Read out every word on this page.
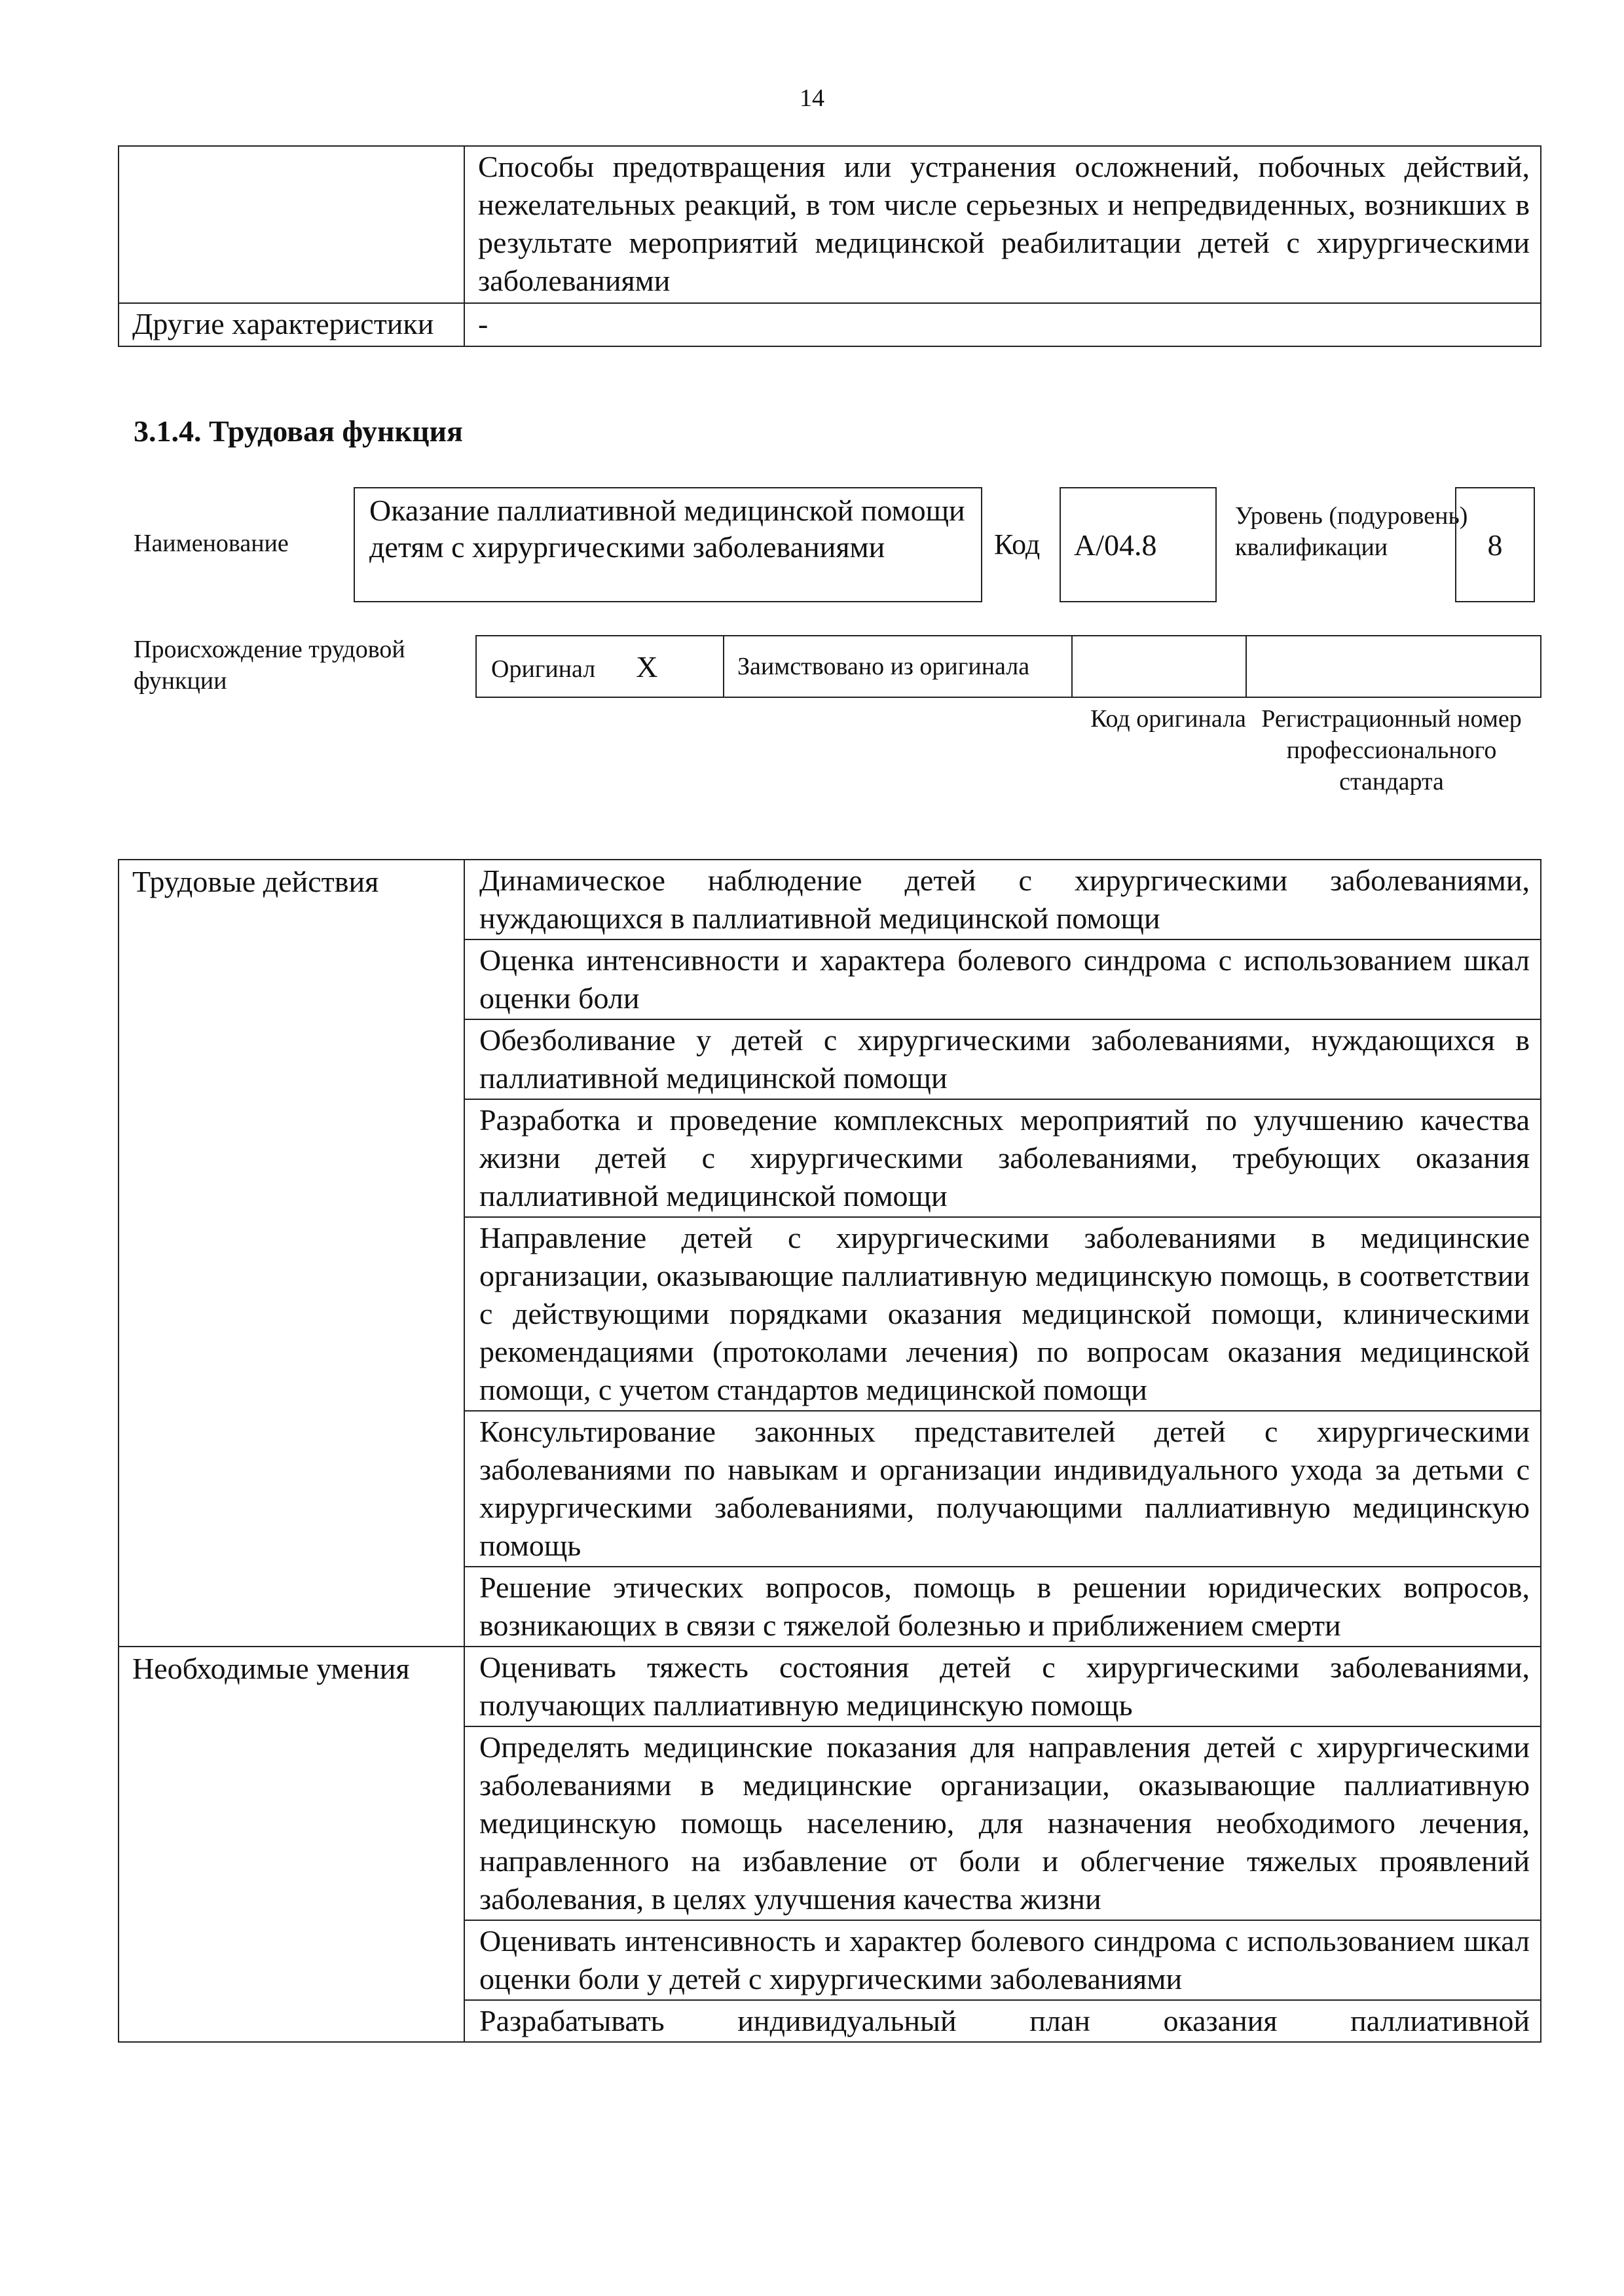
14
	Способы предотвращения или устранения осложнений, побочных действий, нежелательных реакций, в том числе серьезных и непредвиденных, возникших в результате мероприятий медицинской реабилитации детей с хирургическими заболеваниями
Другие характеристики	-
3.1.4. Трудовая функция
Наименование
Оказание паллиативной медицинской помощи детям с хирургическими заболеваниями	Код	A/04.8
Уровень (подуровень) квалификации	8
Происхождение трудовой функции	Оригинал X	Заимствовано из оригинала		
Код оригинала Регистрационный номер профессионального стандарта
Трудовые действия	Динамическое наблюдение детей с хирургическими заболеваниями, нуждающихся в паллиативной медицинской помощи
	Оценка интенсивности и характера болевого синдрома с использованием шкал оценки боли
	Обезболивание у детей с хирургическими заболеваниями, нуждающихся в паллиативной медицинской помощи
	Разработка и проведение комплексных мероприятий по улучшению качества жизни детей с хирургическими заболеваниями, требующих оказания паллиативной медицинской помощи
	Направление детей с хирургическими заболеваниями в медицинские организации, оказывающие паллиативную медицинскую помощь, в соответствии с действующими порядками оказания медицинской помощи, клиническими рекомендациями (протоколами лечения) по вопросам оказания медицинской помощи, с учетом стандартов медицинской помощи
	Консультирование законных представителей детей с хирургическими заболеваниями по навыкам и организации индивидуального ухода за детьми с хирургическими заболеваниями, получающими паллиативную медицинскую помощь
	Решение этических вопросов, помощь в решении юридических вопросов, возникающих в связи с тяжелой болезнью и приближением смерти
Необходимые умения	Оценивать тяжесть состояния детей с хирургическими заболеваниями, получающих паллиативную медицинскую помощь
	Определять медицинские показания для направления детей с хирургическими заболеваниями в медицинские организации, оказывающие паллиативную медицинскую помощь населению, для назначения необходимого лечения, направленного на избавление от боли и облегчение тяжелых проявлений заболевания, в целях улучшения качества жизни
	Оценивать интенсивность и характер болевого синдрома с использованием шкал оценки боли у детей с хирургическими заболеваниями
	Разрабатывать индивидуальный план оказания паллиативной
